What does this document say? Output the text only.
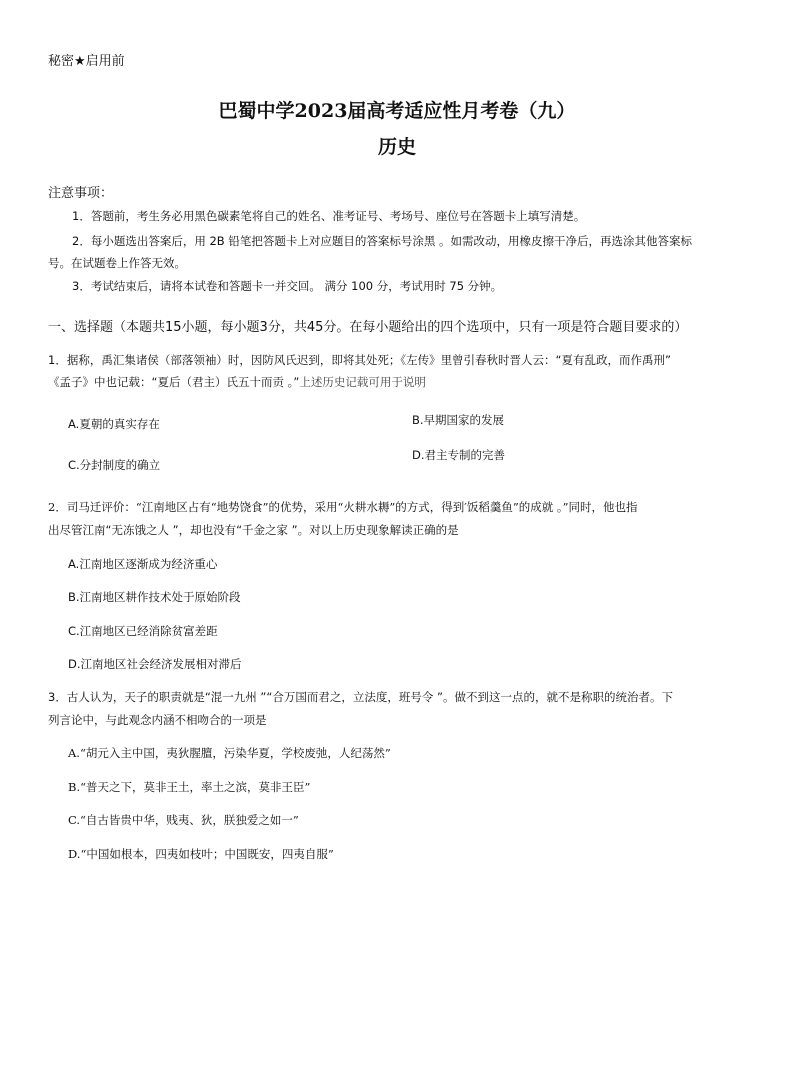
秘密★启用前
巴蜀中学2023届高考适应性月考卷（九）
历史
注意事项：
1．答题前，考生务必用黑色碳素笔将自己的姓名、准考证号、考场号、座位号在答题卡上填写清楚。
2．每小题选出答案后，用 2B 铅笔把答题卡上对应题目的答案标号涂黑 。如需改动，用橡皮擦干净后，再选涂其他答案标
号。在试题卷上作答无效。
3．考试结束后，请将本试卷和答题卡一并交回。 满分 100 分，考试用时 75 分钟。
一、选择题（本题共15小题，每小题3分，共45分。在每小题给出的四个选项中，只有一项是符合题目要求的）
1．据称，禹汇集诸侯（部落领袖）时，因防风氏迟到，即将其处死；《左传》里曾引春秋时晋人云：“夏有乱政，而作禹刑”
《孟子》中也记载：“夏后（君主）氏五十而贡 。”上述历史记载可用于说明
A.夏朝的真实存在	B.早期国家的发展
C.分封制度的确立
D.君主专制的完善
2．司马迁评价：“江南地区占有“地势饶食”的优势，采用“火耕水耨”的方式，得到′饭稻羹鱼”的成就 。”同时，他也指
出尽管江南“无冻饿之人 ”，却也没有“千金之家 ”。对以上历史现象解读正确的是
A.江南地区逐渐成为经济重心
B.江南地区耕作技术处于原始阶段
C.江南地区已经消除贫富差距
D.江南地区社会经济发展相对滞后
3．古人认为，天子的职责就是“混一九州 ”“合万国而君之，立法度，班号令 ”。做不到这一点的，就不是称职的统治者。下
列言论中，与此观念内涵不相吻合的一项是
A.“胡元入主中国，夷狄腥膻，污染华夏，学校废弛，人纪荡然”
B.“普天之下，莫非王土，率土之滨，莫非王臣”
C.“自古皆贵中华，贱夷、狄，朕独爱之如一”
D.“中国如根本，四夷如枝叶；中国既安，四夷自服”
